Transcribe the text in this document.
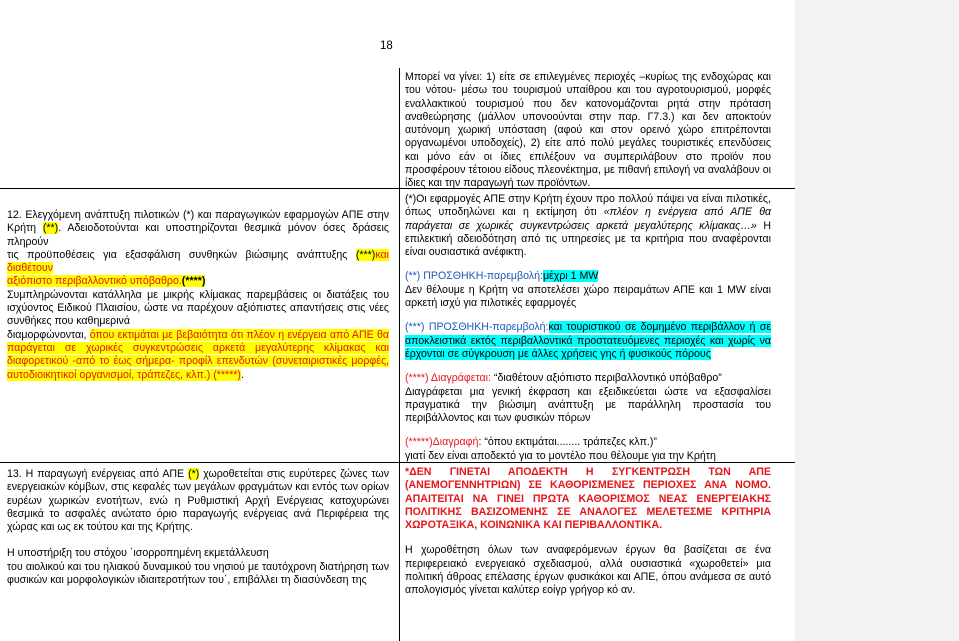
18

Μπορεί να γίνει: 1) είτε σε επιλεγμένες περιοχές –κυρίως της ενδοχώρας και του νότου- μέσω του τουρισμού υπαίθρου και του αγροτουρισμού, μορφές εναλλακτικού τουρισμού που δεν κατονομάζονται ρητά στην πρόταση αναθεώρησης (μάλλον υπονοούνται στην παρ. Γ7.3.) και δεν αποκτούν αυτόνομη χωρική υπόσταση (αφού και στον ορεινό χώρο επιτρέπονται οργανωμένοι υποδοχείς), 2) είτε από πολύ μεγάλες τουριστικές επενδύσεις και μόνο εάν οι ίδιες επιλέξουν να συμπεριλάβουν στο προϊόν που προσφέρουν τέτοιου είδους πλεονέκτημα, με πιθανή επιλογή να αναλάβουν οι ίδιες και την παραγωγή των προϊόντων.

12. Ελεγχόμενη ανάπτυξη πιλοτικών (*) και παραγωγικών εφαρμογών ΑΠΕ στην Κρήτη (**). Αδειοδοτούνται και υποστηρίζονται θεσμικά μόνον όσες δράσεις πληρούν
τις προϋποθέσεις για εξασφάλιση συνθηκών βιώσιμης ανάπτυξης (***)και διαθέτουν
αξιόπιστο περιβαλλοντικό υπόβαθρο.(****)
Συμπληρώνονται κατάλληλα με μικρής κλίμακας παρεμβάσεις οι διατάξεις του ισχύοντος Ειδικού Πλαισίου, ώστε να παρέχουν αξιόπιστες απαντήσεις στις νέες συνθήκες που καθημερινά
διαμορφώνονται, όπου εκτιμάται με βεβαιότητα ότι πλέον η ενέργεια από ΑΠΕ θα παράγεται σε χωρικές συγκεντρώσεις αρκετά μεγαλύτερης κλίμακας και διαφορετικού -από το έως σήμερα- προφίλ επενδυτών (συνεταιριστικές μορφές, αυτοδιοικητικοί οργανισμοί, τράπεζες, κλπ.) (*****).

(*)Οι εφαρμογές ΑΠΕ στην Κρήτη έχουν προ πολλού πάψει να είναι πιλοτικές, όπως υποδηλώνει και η εκτίμηση ότι «πλέον η ενέργεια από ΑΠΕ θα παράγεται σε χωρικές συγκεντρώσεις αρκετά μεγαλύτερης κλίμακας…» Η επιλεκτική αδειοδότηση από τις υπηρεσίες με τα κριτήρια που αναφέρονται είναι ουσιαστικά ανέφικτη.

(**) ΠΡΟΣΘΗΚΗ-παρεμβολή:μέχρι 1 MW
Δεν θέλουμε η Κρήτη να αποτελέσει χώρο πειραμάτων ΑΠΕ και 1 MW είναι αρκετή ισχύ για πιλοτικές εφαρμογές

(***) ΠΡΟΣΘΗΚΗ-παρεμβολή:και τουριστικού σε δομημένο περιβάλλον ή σε αποκλειστικά εκτός περιβαλλοντικά προστατευόμενες περιοχές και χωρίς να έρχονται σε σύγκρουση με άλλες χρήσεις γης ή φυσικούς πόρους

(****) Διαγράφεται: “διαθέτουν αξιόπιστο περιβαλλοντικό υπόβαθρο”
Διαγράφεται μια γενική έκφραση και εξειδικεύεται ώστε να εξασφαλίσει πραγματικά την βιώσιμη ανάπτυξη με παράλληλη προστασία του περιβάλλοντος και των φυσικών πόρων

(*****)Διαγραφή: “όπου εκτιμάται........ τράπεζες κλπ.)”
γιατί δεν είναι αποδεκτό για το μοντέλο που θέλουμε για την Κρήτη

13. Η παραγωγή ενέργειας από ΑΠΕ (*) χωροθετείται στις ευρύτερες ζώνες των ενεργειακών κόμβων, στις κεφαλές των μεγάλων φραγμάτων και εντός των ορίων ευρέων χωρικών ενοτήτων, ενώ η Ρυθμιστική Αρχή Ενέργειας κατοχυρώνει θεσμικά το ασφαλές ανώτατο όριο παραγωγής ενέργειας ανά Περιφέρεια της χώρας και ως εκ τούτου και της Κρήτης.

Η υποστήριξη του στόχου ΄ισορροπημένη εκμετάλλευση
του αιολικού και του ηλιακού δυναμικού του νησιού με ταυτόχρονη διατήρηση των φυσικών και μορφολογικών ιδιαιτεροτήτων του΄, επιβάλλει τη διασύνδεση της

*ΔΕΝ ΓΙΝΕΤΑΙ ΑΠΟΔΕΚΤΗ Η ΣΥΓΚΕΝΤΡΩΣΗ ΤΩΝ ΑΠΕ (ΑΝΕΜΟΓΕΝΝΗΤΡΙΩΝ) ΣΕ ΚΑΘΟΡΙΣΜΕΝΕΣ ΠΕΡΙΟΧΕΣ ΑΝΑ ΝΟΜΟ. ΑΠΑΙΤΕΙΤΑΙ ΝΑ ΓΙΝΕΙ ΠΡΩΤΑ ΚΑΘΟΡΙΣΜΟΣ ΝΕΑΣ ΕΝΕΡΓΕΙΑΚΗΣ ΠΟΛΙΤΙΚΗΣ ΒΑΣΙΖΟΜΕΝΗΣ ΣΕ ΑΝΑΛΟΓΕΣ ΜΕΛΕΤΕΣΜΕ ΚΡΙΤΗΡΙΑ ΧΩΡΟΤΑΞΙΚΑ, ΚΟΙΝΩΝΙΚΑ ΚΑΙ ΠΕΡΙΒΑΛΛΟΝΤΙΚΑ.

Η χωροθέτηση όλων των αναφερόμενων έργων θα βασίζεται σε ένα περιφερειακό ενεργειακό σχεδιασμού, αλλά ουσιαστικά «χωροθετεί» μια πολιτική άθροας επέλασης έργων φυσικάκοι και ΑΠΕ, όπου ανάμεσα σε αυτό απολογισμός γίνεται καλύτερ εοίγρ γρήγορ κό αν.
